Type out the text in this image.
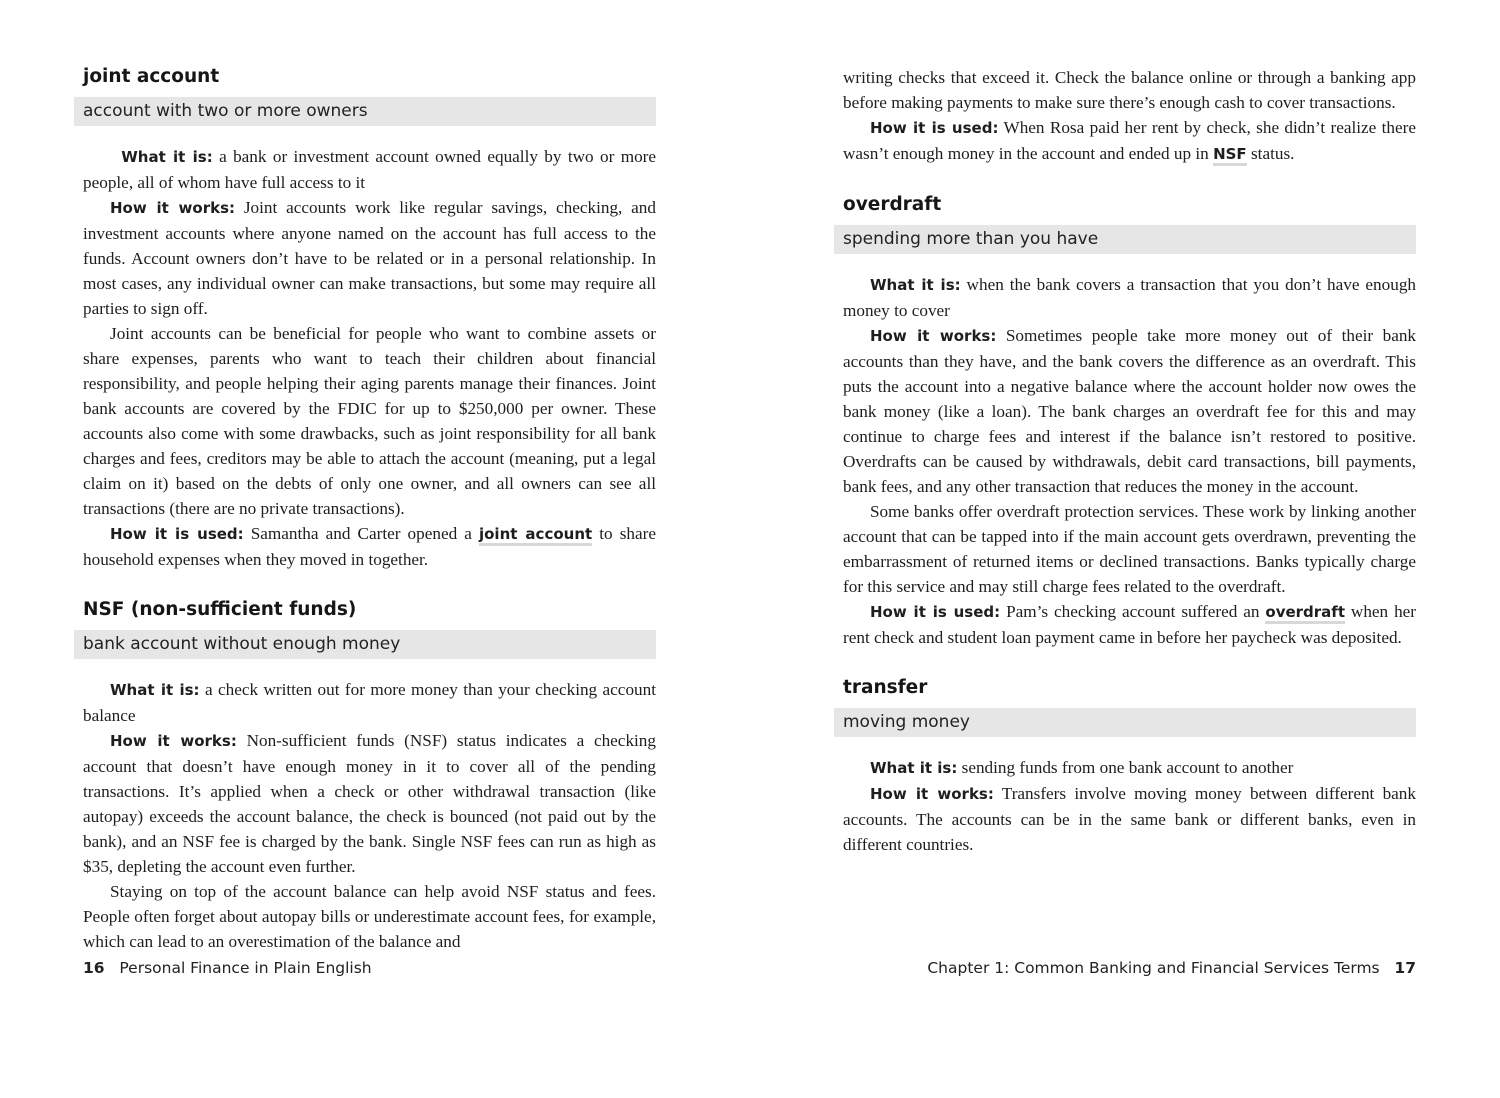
joint account
account with two or more owners

What it is: a bank or investment account owned equally by two or more people, all of whom have full access to it

How it works: Joint accounts work like regular savings, checking, and investment accounts where anyone named on the account has full access to the funds. Account owners don’t have to be related or in a personal relationship. In most cases, any individual owner can make transactions, but some may require all parties to sign off.

Joint accounts can be beneficial for people who want to combine assets or share expenses, parents who want to teach their children about financial responsibility, and people helping their aging parents manage their finances. Joint bank accounts are covered by the FDIC for up to $250,000 per owner. These accounts also come with some drawbacks, such as joint responsibility for all bank charges and fees, creditors may be able to attach the account (meaning, put a legal claim on it) based on the debts of only one owner, and all owners can see all transactions (there are no private transactions).

How it is used: Samantha and Carter opened a joint account to share household expenses when they moved in together.

NSF (non-sufficient funds)
bank account without enough money

What it is: a check written out for more money than your checking account balance

How it works: Non-sufficient funds (NSF) status indicates a checking account that doesn’t have enough money in it to cover all of the pending transactions. It’s applied when a check or other withdrawal transaction (like autopay) exceeds the account balance, the check is bounced (not paid out by the bank), and an NSF fee is charged by the bank. Single NSF fees can run as high as $35, depleting the account even further.

Staying on top of the account balance can help avoid NSF status and fees. People often forget about autopay bills or underestimate account fees, for example, which can lead to an overestimation of the balance and

16 Personal Finance in Plain English

writing checks that exceed it. Check the balance online or through a banking app before making payments to make sure there’s enough cash to cover transactions.

How it is used: When Rosa paid her rent by check, she didn’t realize there wasn’t enough money in the account and ended up in NSF status.

overdraft
spending more than you have

What it is: when the bank covers a transaction that you don’t have enough money to cover

How it works: Sometimes people take more money out of their bank accounts than they have, and the bank covers the difference as an overdraft. This puts the account into a negative balance where the account holder now owes the bank money (like a loan). The bank charges an overdraft fee for this and may continue to charge fees and interest if the balance isn’t restored to positive. Overdrafts can be caused by withdrawals, debit card transactions, bill payments, bank fees, and any other transaction that reduces the money in the account.

Some banks offer overdraft protection services. These work by linking another account that can be tapped into if the main account gets overdrawn, preventing the embarrassment of returned items or declined transactions. Banks typically charge for this service and may still charge fees related to the overdraft.

How it is used: Pam’s checking account suffered an overdraft when her rent check and student loan payment came in before her paycheck was deposited.

transfer
moving money

What it is: sending funds from one bank account to another

How it works: Transfers involve moving money between different bank accounts. The accounts can be in the same bank or different banks, even in different countries.

Chapter 1: Common Banking and Financial Services Terms 17
